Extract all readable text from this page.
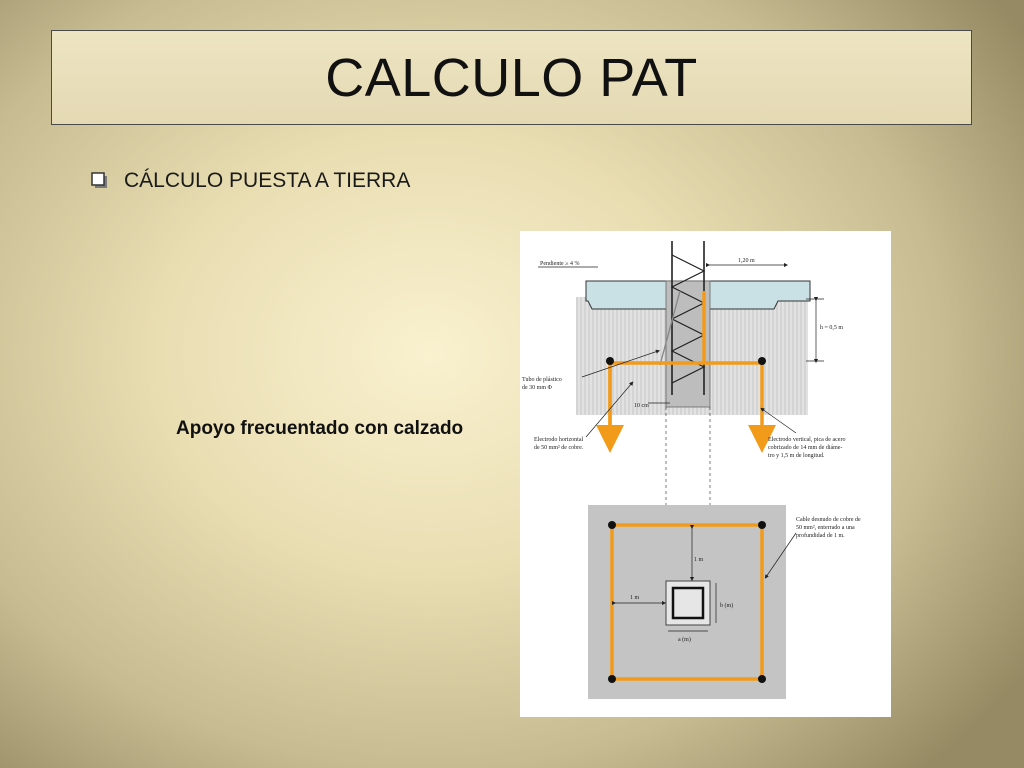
CALCULO PAT
CÁLCULO PUESTA A TIERRA
Apoyo frecuentado con calzado
Pendiente ≥ 4 %	1,20 m
h = 0,5 m
Tubo de plástico
de 30 mm Φ
10 cm
Electrodo horizontal
de 50 mm² de cobre.
Electrodo vertical, pica de acero
cobrizado de 14 mm de diáme-
tro y 1,5 m de longitud.
1 m
1 m
b (m)
a (m)
Cable desnudo de cobre de
50 mm², enterrado a una
profundidad de 1 m.
